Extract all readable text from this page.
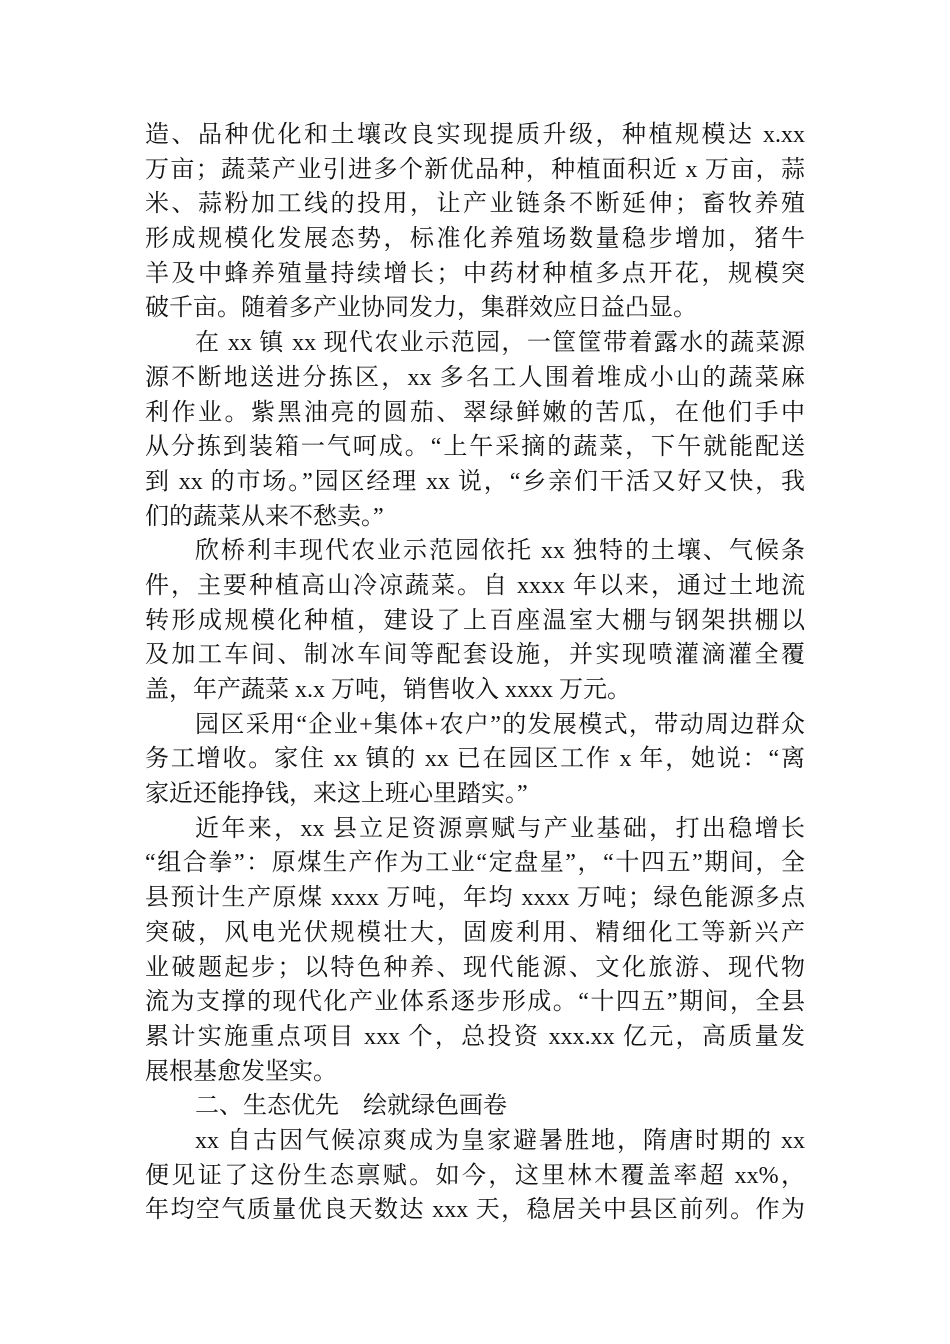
造、品种优化和土壤改良实现提质升级，种植规模达 x.xx
万亩；蔬菜产业引进多个新优品种，种植面积近 x 万亩，蒜
米、蒜粉加工线的投用，让产业链条不断延伸；畜牧养殖
形成规模化发展态势，标准化养殖场数量稳步增加，猪牛
羊及中蜂养殖量持续增长；中药材种植多点开花，规模突
破千亩。随着多产业协同发力，集群效应日益凸显。
在 xx 镇 xx 现代农业示范园，一筐筐带着露水的蔬菜源
源不断地送进分拣区，xx 多名工人围着堆成小山的蔬菜麻
利作业。紫黑油亮的圆茄、翠绿鲜嫩的苦瓜，在他们手中
从分拣到装箱一气呵成。“上午采摘的蔬菜，下午就能配送
到 xx 的市场。”园区经理 xx 说，“乡亲们干活又好又快，我
们的蔬菜从来不愁卖。”
欣桥利丰现代农业示范园依托 xx 独特的土壤、气候条
件，主要种植高山冷凉蔬菜。自 xxxx 年以来，通过土地流
转形成规模化种植，建设了上百座温室大棚与钢架拱棚以
及加工车间、制冰车间等配套设施，并实现喷灌滴灌全覆
盖，年产蔬菜 x.x 万吨，销售收入 xxxx 万元。
园区采用“企业+集体+农户”的发展模式，带动周边群众
务工增收。家住 xx 镇的 xx 已在园区工作 x 年，她说：“离
家近还能挣钱，来这上班心里踏实。”
近年来，xx 县立足资源禀赋与产业基础，打出稳增长
“组合拳”：原煤生产作为工业“定盘星”，“十四五”期间，全
县预计生产原煤 xxxx 万吨，年均 xxxx 万吨；绿色能源多点
突破，风电光伏规模壮大，固废利用、精细化工等新兴产
业破题起步；以特色种养、现代能源、文化旅游、现代物
流为支撑的现代化产业体系逐步形成。“十四五”期间，全县
累计实施重点项目 xxx 个，总投资 xxx.xx 亿元，高质量发
展根基愈发坚实。
二、生态优先　绘就绿色画卷
xx 自古因气候凉爽成为皇家避暑胜地，隋唐时期的 xx
便见证了这份生态禀赋。如今，这里林木覆盖率超 xx%，
年均空气质量优良天数达 xxx 天，稳居关中县区前列。作为
